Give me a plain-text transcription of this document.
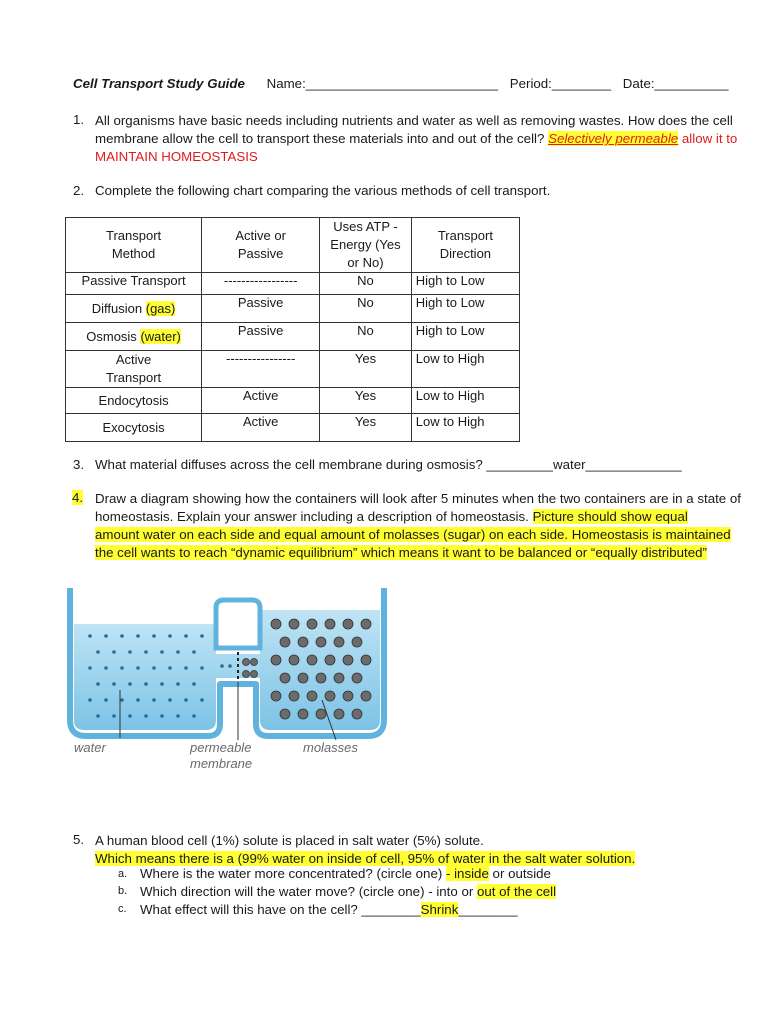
Cell Transport Study Guide Name:__________________________ Period:________ Date:__________
1. All organisms have basic needs including nutrients and water as well as removing wastes. How does the cell
membrane allow the cell to transport these materials into and out of the cell? Selectively permeable allow it to
MAINTAIN HOMEOSTASIS
2. Complete the following chart comparing the various methods of cell transport.
Transport Method	Active or Passive	Uses ATP - Energy (Yes or No)	Transport Direction
Passive Transport	-----------------	No	High to Low
Diffusion (gas)	Passive	No	High to Low
Osmosis (water)	Passive	No	High to Low
Active Transport	----------------	Yes	Low to High
Endocytosis	Active	Yes	Low to High
Exocytosis	Active	Yes	Low to High
3. What material diffuses across the cell membrane during osmosis? _________water_____________
4. Draw a diagram showing how the containers will look after 5 minutes when the two containers are in a state of
homeostasis. Explain your answer including a description of homeostasis. Picture should show equal
amount water on each side and equal amount of molasses (sugar) on each side. Homeostasis is maintained
the cell wants to reach “dynamic equilibrium” which means it want to be balanced or “equally distributed”
water	permeable
membrane
molasses
5. A human blood cell (1%) solute is placed in salt water (5%) solute.
Which means there is a (99% water on inside of cell, 95% of water in the salt water solution.
a. Where is the water more concentrated? (circle one) - inside or outside
b. Which direction will the water move? (circle one) - into or out of the cell
c. What effect will this have on the cell? ________Shrink________
